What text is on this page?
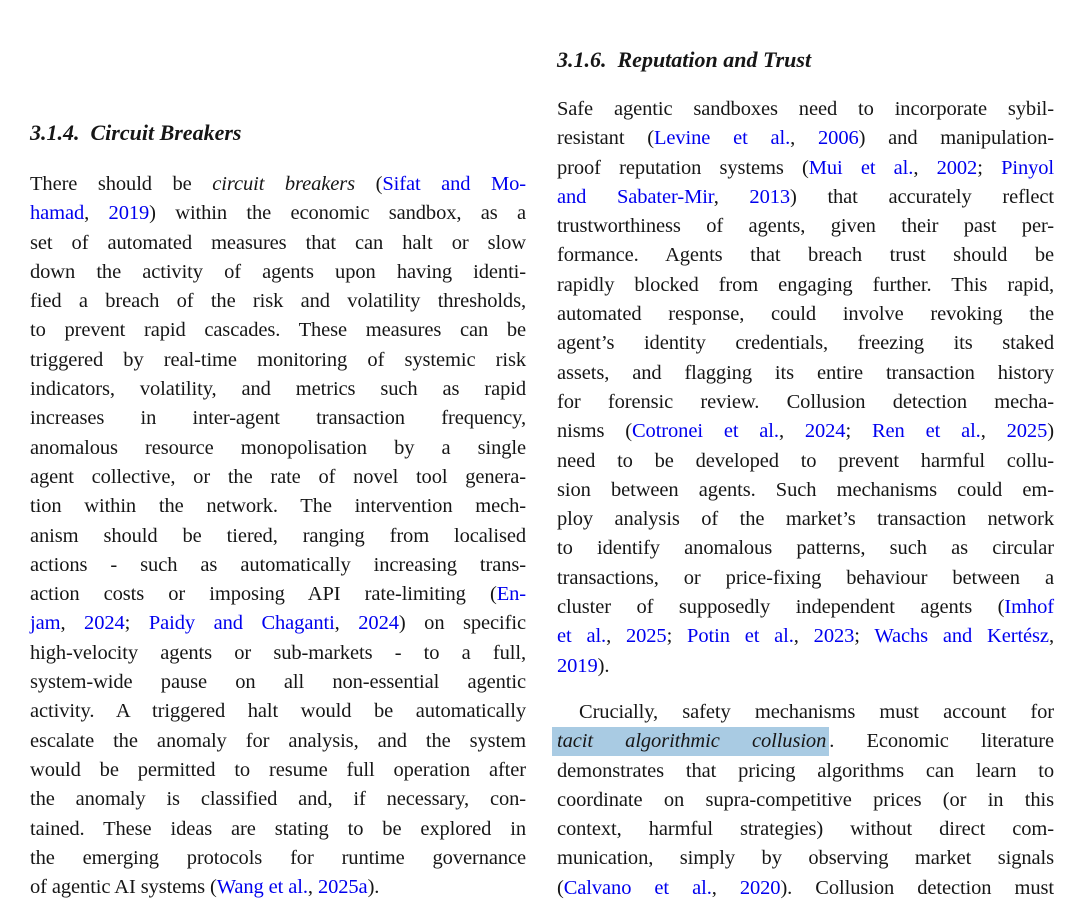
3.1.4. Circuit Breakers
There should be circuit breakers (Sifat and Mo-
hamad, 2019) within the economic sandbox, as a
set of automated measures that can halt or slow
down the activity of agents upon having identi-
fied a breach of the risk and volatility thresholds,
to prevent rapid cascades. These measures can be
triggered by real-time monitoring of systemic risk
indicators, volatility, and metrics such as rapid
increases in inter-agent transaction frequency,
anomalous resource monopolisation by a single
agent collective, or the rate of novel tool genera-
tion within the network. The intervention mech-
anism should be tiered, ranging from localised
actions - such as automatically increasing trans-
action costs or imposing API rate-limiting (En-
jam, 2024; Paidy and Chaganti, 2024) on specific
high-velocity agents or sub-markets - to a full,
system-wide pause on all non-essential agentic
activity. A triggered halt would be automatically
escalate the anomaly for analysis, and the system
would be permitted to resume full operation after
the anomaly is classified and, if necessary, con-
tained. These ideas are stating to be explored in
the emerging protocols for runtime governance
of agentic AI systems (Wang et al., 2025a).
3.1.6. Reputation and Trust
Safe agentic sandboxes need to incorporate sybil-
resistant (Levine et al., 2006) and manipulation-
proof reputation systems (Mui et al., 2002; Pinyol
and Sabater-Mir, 2013) that accurately reflect
trustworthiness of agents, given their past per-
formance. Agents that breach trust should be
rapidly blocked from engaging further. This rapid,
automated response, could involve revoking the
agent’s identity credentials, freezing its staked
assets, and flagging its entire transaction history
for forensic review. Collusion detection mecha-
nisms (Cotronei et al., 2024; Ren et al., 2025)
need to be developed to prevent harmful collu-
sion between agents. Such mechanisms could em-
ploy analysis of the market’s transaction network
to identify anomalous patterns, such as circular
transactions, or price-fixing behaviour between a
cluster of supposedly independent agents (Imhof
et al., 2025; Potin et al., 2023; Wachs and Kertész,
2019).
Crucially, safety mechanisms must account for
tacit algorithmic collusion . Economic literature
demonstrates that pricing algorithms can learn to
coordinate on supra-competitive prices (or in this
context, harmful strategies) without direct com-
munication, simply by observing market signals
(Calvano et al., 2020). Collusion detection must
